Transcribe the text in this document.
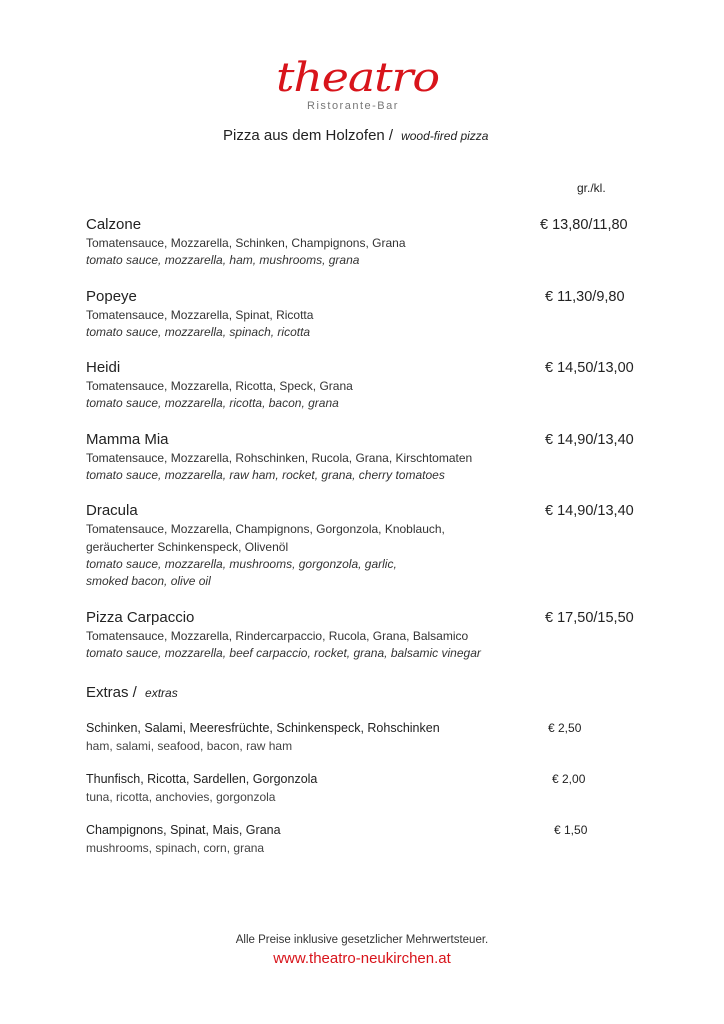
theatro
Ristorante-Bar
Pizza aus dem Holzofen / wood-fired pizza
gr./kl.
Calzone	€ 13,80/11,80
Tomatensauce, Mozzarella, Schinken, Champignons, Grana
tomato sauce, mozzarella, ham, mushrooms, grana
Popeye	€ 11,30/9,80
Tomatensauce, Mozzarella, Spinat, Ricotta
tomato sauce, mozzarella, spinach, ricotta
Heidi	€ 14,50/13,00
Tomatensauce, Mozzarella, Ricotta, Speck, Grana
tomato sauce, mozzarella, ricotta, bacon, grana
Mamma Mia	€ 14,90/13,40
Tomatensauce, Mozzarella, Rohschinken, Rucola, Grana, Kirschtomaten
tomato sauce, mozzarella, raw ham, rocket, grana, cherry tomatoes
Dracula	€ 14,90/13,40
Tomatensauce, Mozzarella, Champignons, Gorgonzola, Knoblauch,
geräucherter Schinkenspeck, Olivenöl
tomato sauce, mozzarella, mushrooms, gorgonzola, garlic,
smoked bacon, olive oil
Pizza Carpaccio	€ 17,50/15,50
Tomatensauce, Mozzarella, Rindercarpaccio, Rucola, Grana, Balsamico
tomato sauce, mozzarella, beef carpaccio, rocket, grana, balsamic vinegar
Extras / extras
Schinken, Salami, Meeresfrüchte, Schinkenspeck, Rohschinken	€ 2,50
ham, salami, seafood, bacon, raw ham
Thunfisch, Ricotta, Sardellen, Gorgonzola	€ 2,00
tuna, ricotta, anchovies, gorgonzola
Champignons, Spinat, Mais, Grana	€ 1,50
mushrooms, spinach, corn, grana
Alle Preise inklusive gesetzlicher Mehrwertsteuer.
www.theatro-neukirchen.at
